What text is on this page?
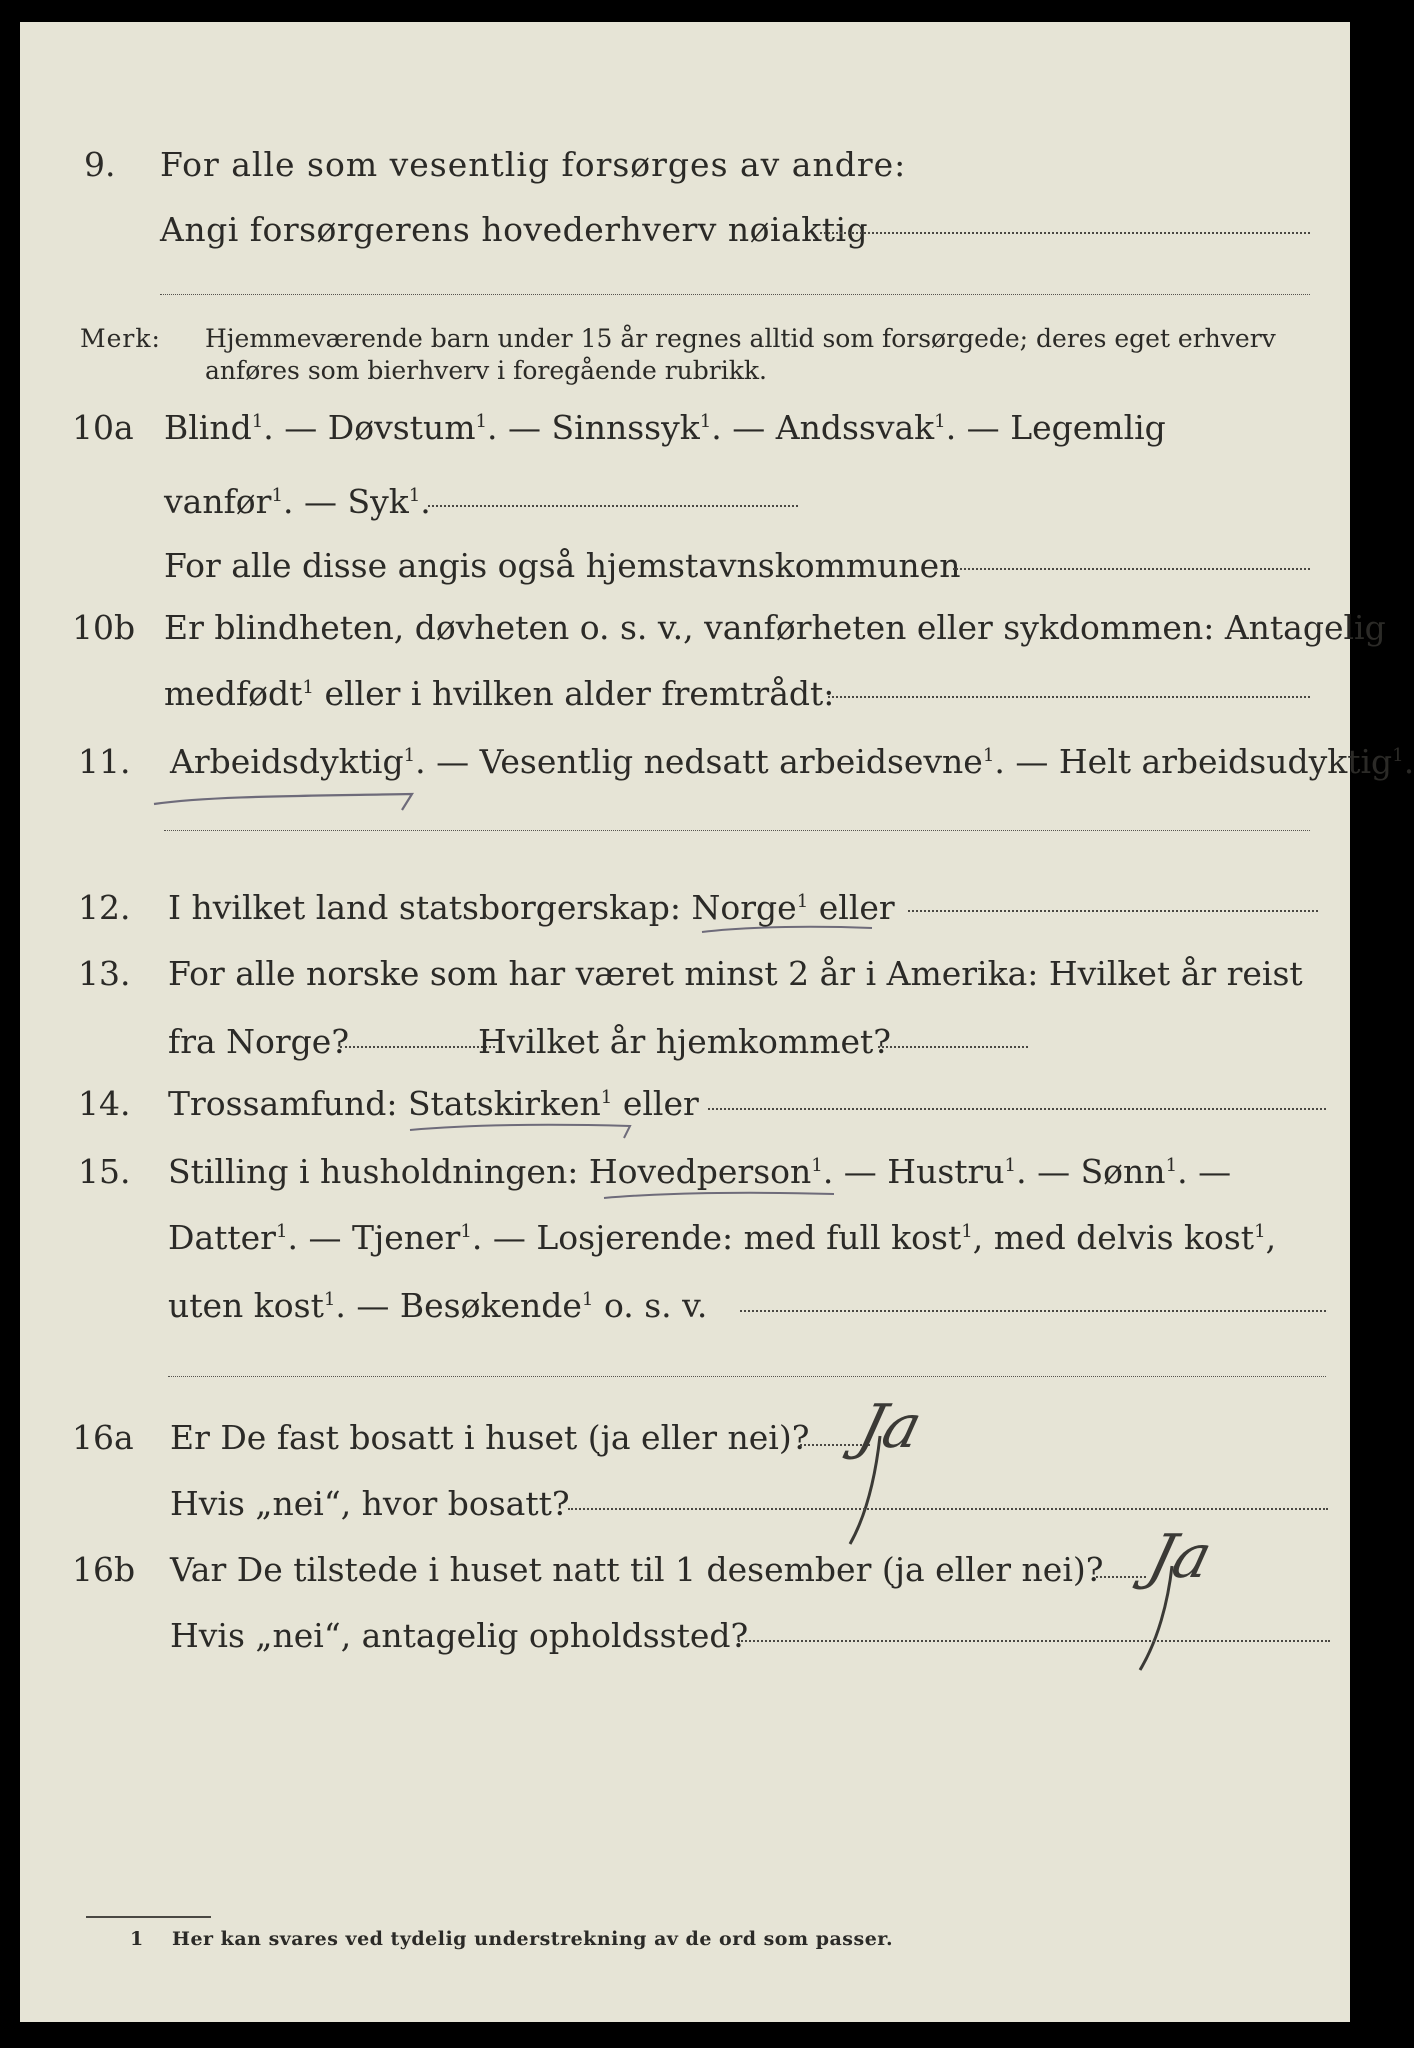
9. For alle som vesentlig forsørges av andre:
Angi forsørgerens hovederhverv nøiaktig
Merk: Hjemmeværende barn under 15 år regnes alltid som forsørgede; deres eget erhverv
anføres som bierhverv i foregående rubrikk.
10a Blind$^1$. — Døvstum$^1$. — Sinnssyk$^1$. — Andssvak$^1$. — Legemlig
vanfør$^1$. — Syk$^1$.
For alle disse angis også hjemstavnskommunen
10b Er blindheten, døvheten o. s. v., vanførheten eller sykdommen: Antagelig
medfødt$^1$ eller i hvilken alder fremtrådt:
11. Arbeidsdyktig$^1$. — Vesentlig nedsatt arbeidsevne$^1$. — Helt arbeidsudyktig$^1$.
12. I hvilket land statsborgerskap: Norge$^1$ eller
13. For alle norske som har været minst 2 år i Amerika: Hvilket år reist
fra Norge?	Hvilket år hjemkommet?
14. Trossamfund: Statskirken$^1$ eller
15. Stilling i husholdningen: Hovedperson$^1$. — Hustru$^1$. — Sønn$^1$. —
Datter$^1$. — Tjener$^1$. — Losjerende: med full kost$^1$, med delvis kost$^1$,
uten kost$^1$. — Besøkende$^1$ o. s. v.
16a Er De fast bosatt i huset (ja eller nei)? Ja
Hvis „nei“, hvor bosatt?
16b Var De tilstede i huset natt til 1 desember (ja eller nei)? Ja
Hvis „nei“, antagelig opholdssted?
1 Her kan svares ved tydelig understrekning av de ord som passer.
